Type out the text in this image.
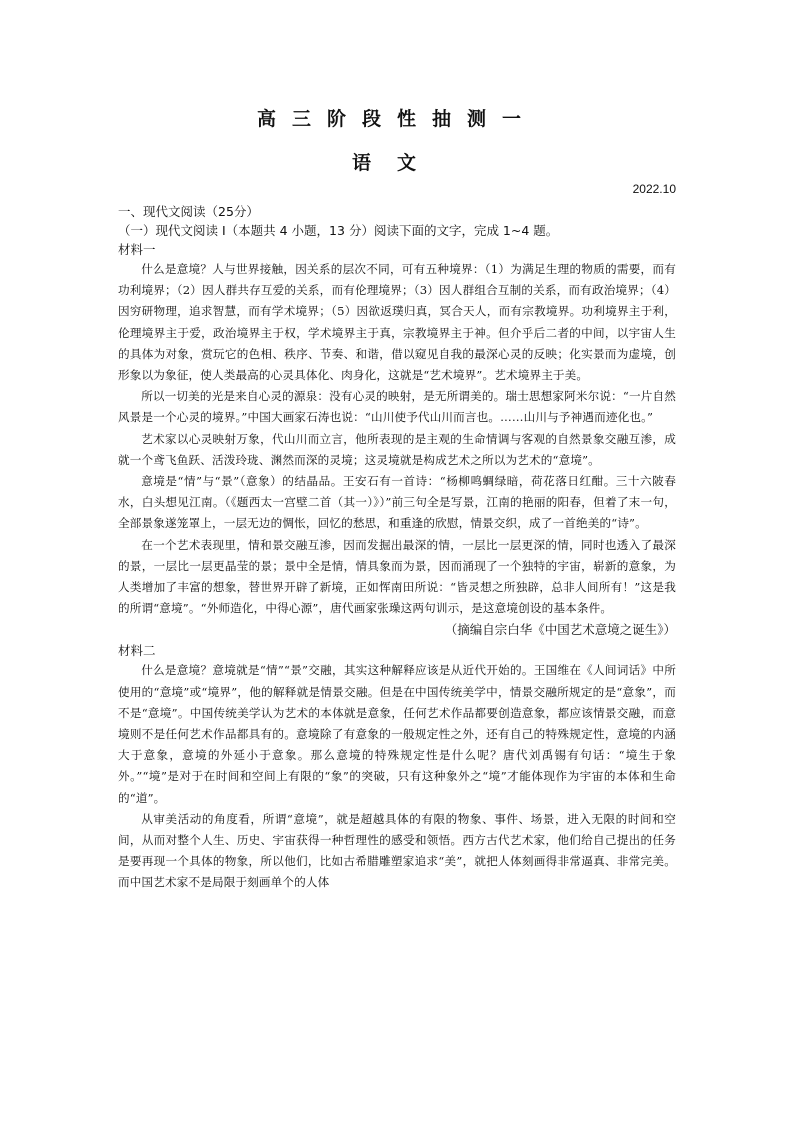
高三阶段性抽测一
语文
2022.10

一、现代文阅读（25分）

（一）现代文阅读 I（本题共 4 小题，13 分）阅读下面的文字，完成 1~4 题。

材料一

什么是意境？人与世界接触，因关系的层次不同，可有五种境界：（1）为满足生理的物质的需要，而有功利境界；（2）因人群共存互爱的关系，而有伦理境界；（3）因人群组合互制的关系，而有政治境界；（4）因穷研物理，追求智慧，而有学术境界；（5）因欲返璞归真，冥合天人，而有宗教境界。功利境界主于利，伦理境界主于爱，政治境界主于权，学术境界主于真，宗教境界主于神。但介乎后二者的中间，以宇宙人生的具体为对象，赏玩它的色相、秩序、节奏、和谐，借以窥见自我的最深心灵的反映；化实景而为虚境，创形象以为象征，使人类最高的心灵具体化、肉身化，这就是“艺术境界”。艺术境界主于美。

所以一切美的光是来自心灵的源泉：没有心灵的映射，是无所谓美的。瑞士思想家阿米尔说：“一片自然风景是一个心灵的境界。”中国大画家石涛也说：“山川使予代山川而言也。……山川与予神遇而迹化也。”

艺术家以心灵映射万象，代山川而立言，他所表现的是主观的生命情调与客观的自然景象交融互渗，成就一个鸢飞鱼跃、活泼玲珑、渊然而深的灵境；这灵境就是构成艺术之所以为艺术的“意境”。

意境是“情”与“景”（意象）的结晶品。王安石有一首诗：“杨柳鸣蜩绿暗，荷花落日红酣。三十六陂春水，白头想见江南。（《题西太一宫壁二首（其一）》）”前三句全是写景，江南的艳丽的阳春，但着了末一句，全部景象遂笼罩上，一层无边的惆怅，回忆的愁思，和重逢的欣慰，情景交织，成了一首绝美的“诗”。

在一个艺术表现里，情和景交融互渗，因而发掘出最深的情，一层比一层更深的情，同时也透入了最深的景，一层比一层更晶莹的景；景中全是情，情具象而为景，因而涌现了一个独特的宇宙，崭新的意象，为人类增加了丰富的想象，替世界开辟了新境，正如恽南田所说：“皆灵想之所独辟，总非人间所有！”这是我的所谓“意境”。“外师造化，中得心源”，唐代画家张璪这两句训示，是这意境创设的基本条件。

（摘编自宗白华《中国艺术意境之诞生》）

材料二

什么是意境？意境就是“情”“景”交融，其实这种解释应该是从近代开始的。王国维在《人间词话》中所使用的“意境”或“境界”，他的解释就是情景交融。但是在中国传统美学中，情景交融所规定的是“意象”，而不是“意境”。中国传统美学认为艺术的本体就是意象，任何艺术作品都要创造意象，都应该情景交融，而意境则不是任何艺术作品都具有的。意境除了有意象的一般规定性之外，还有自己的特殊规定性，意境的内涵大于意象，意境的外延小于意象。那么意境的特殊规定性是什么呢？唐代刘禹锡有句话：“境生于象外。”“境”是对于在时间和空间上有限的“象”的突破，只有这种象外之“境”才能体现作为宇宙的本体和生命的“道”。

从审美活动的角度看，所谓“意境”，就是超越具体的有限的物象、事件、场景，进入无限的时间和空间，从而对整个人生、历史、宇宙获得一种哲理性的感受和领悟。西方古代艺术家，他们给自己提出的任务是要再现一个具体的物象，所以他们，比如古希腊雕塑家追求“美”，就把人体刻画得非常逼真、非常完美。而中国艺术家不是局限于刻画单个的人体
